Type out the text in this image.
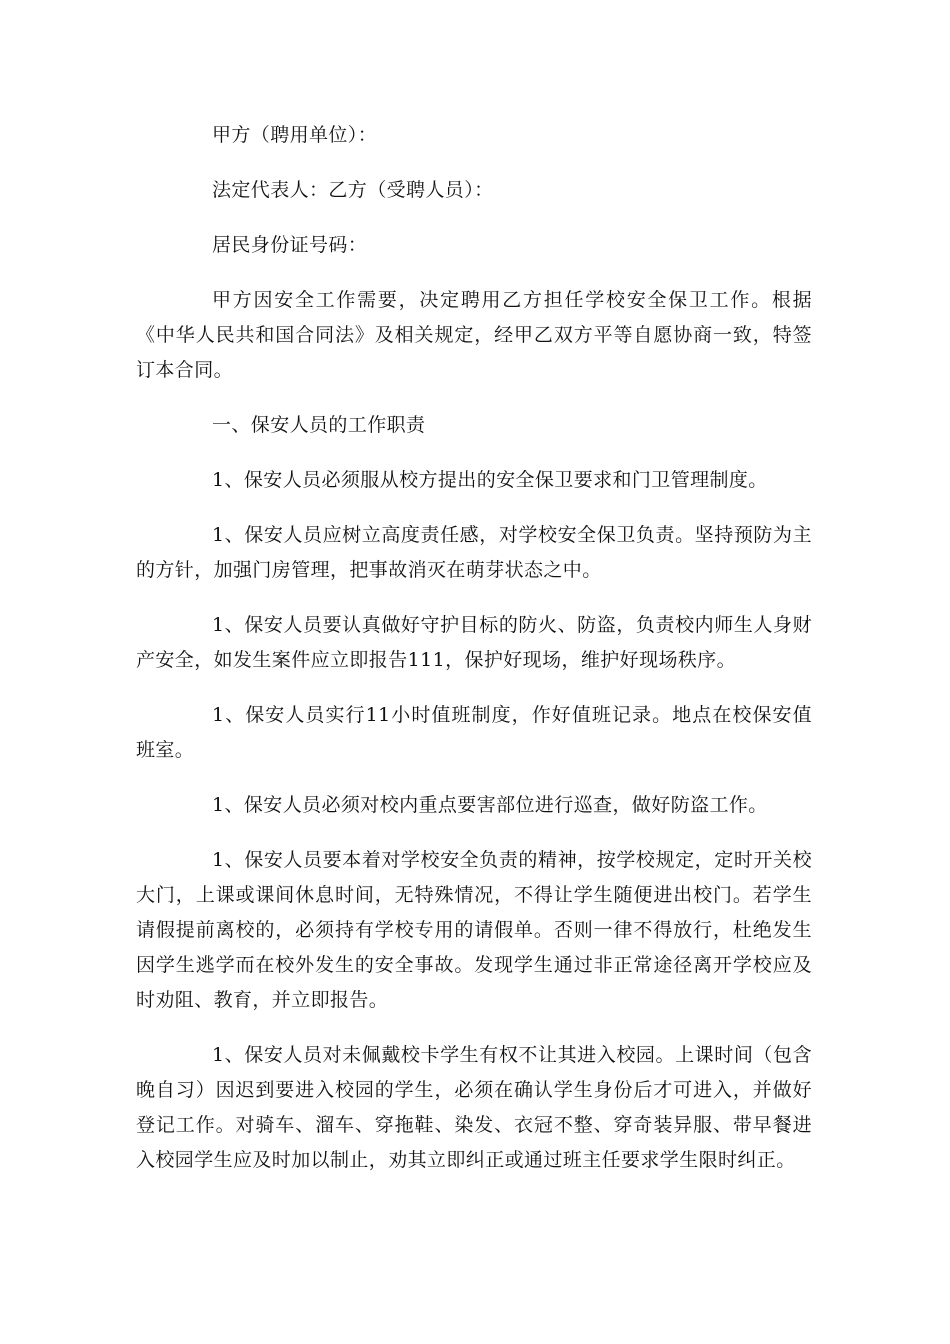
甲方（聘用单位）：

法定代表人：乙方（受聘人员）：

居民身份证号码：

甲方因安全工作需要，决定聘用乙方担任学校安全保卫工作。根据《中华人民共和国合同法》及相关规定，经甲乙双方平等自愿协商一致，特签订本合同。

一、保安人员的工作职责

1、保安人员必须服从校方提出的安全保卫要求和门卫管理制度。

1、保安人员应树立高度责任感，对学校安全保卫负责。坚持预防为主的方针，加强门房管理，把事故消灭在萌芽状态之中。

1、保安人员要认真做好守护目标的防火、防盗，负责校内师生人身财产安全，如发生案件应立即报告111，保护好现场，维护好现场秩序。

1、保安人员实行11小时值班制度，作好值班记录。地点在校保安值班室。

1、保安人员必须对校内重点要害部位进行巡查，做好防盗工作。

1、保安人员要本着对学校安全负责的精神，按学校规定，定时开关校大门，上课或课间休息时间，无特殊情况，不得让学生随便进出校门。若学生请假提前离校的，必须持有学校专用的请假单。否则一律不得放行，杜绝发生因学生逃学而在校外发生的安全事故。发现学生通过非正常途径离开学校应及时劝阻、教育，并立即报告。

1、保安人员对未佩戴校卡学生有权不让其进入校园。上课时间（包含晚自习）因迟到要进入校园的学生，必须在确认学生身份后才可进入，并做好登记工作。对骑车、溜车、穿拖鞋、染发、衣冠不整、穿奇装异服、带早餐进入校园学生应及时加以制止，劝其立即纠正或通过班主任要求学生限时纠正。
